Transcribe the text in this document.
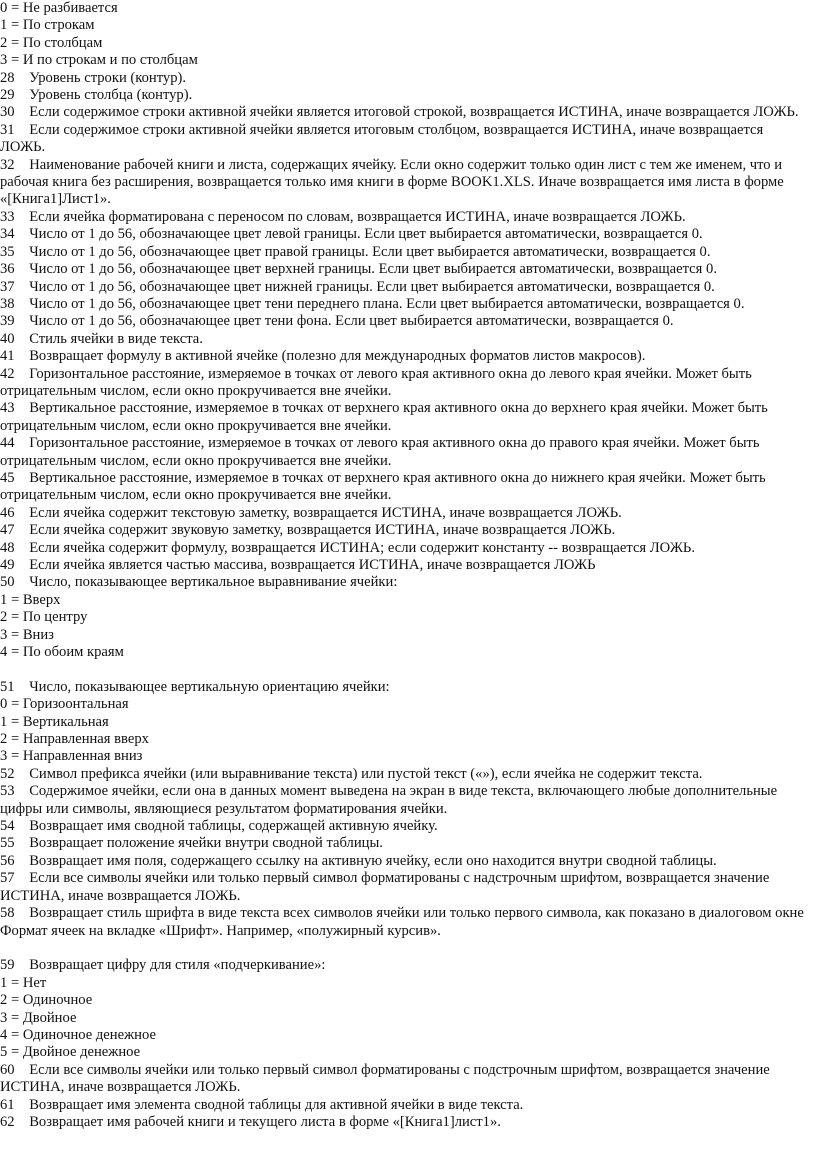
0 = Не разбивается

1 = По строкам

2 = По столбцам

3 = И по строкам и по столбцам

28    Уровень строки (контур).

29    Уровень столбца (контур).

30    Если содержимое строки активной ячейки является итоговой строкой, возвращается ИСТИНА, иначе возвращается ЛОЖЬ.

31    Если содержимое строки активной ячейки является итоговым столбцом, возвращается ИСТИНА, иначе возвращается ЛОЖЬ.

32    Наименование рабочей книги и листа, содержащих ячейку. Если окно содержит только один лист с тем же именем, что и рабочая книга без расширения, возвращается только имя книги в форме BOOK1.XLS. Иначе возвращается имя листа в форме «[Книга1]Лист1».

33    Если ячейка форматирована с переносом по словам, возвращается ИСТИНА, иначе возвращается ЛОЖЬ.

34    Число от 1 до 56, обозначающее цвет левой границы. Если цвет выбирается автоматически, возвращается 0.

35    Число от 1 до 56, обозначающее цвет правой границы. Если цвет выбирается автоматически, возвращается 0.

36    Число от 1 до 56, обозначающее цвет верхней границы. Если цвет выбирается автоматически, возвращается 0.

37    Число от 1 до 56, обозначающее цвет нижней границы. Если цвет выбирается автоматически, возвращается 0.

38    Число от 1 до 56, обозначающее цвет тени переднего плана. Если цвет выбирается автоматически, возвращается 0.

39    Число от 1 до 56, обозначающее цвет тени фона. Если цвет выбирается автоматически, возвращается 0.

40    Стиль ячейки в виде текста.

41    Возвращает формулу в активной ячейке (полезно для международных форматов листов макросов).

42    Горизонтальное расстояние, измеряемое в точках от левого края активного окна до левого края ячейки. Может быть отрицательным числом, если окно прокручивается вне ячейки.

43    Вертикальное расстояние, измеряемое в точках от верхнего края активного окна до верхнего края ячейки. Может быть отрицательным числом, если окно прокручивается вне ячейки.

44    Горизонтальное расстояние, измеряемое в точках от левого края активного окна до правого края ячейки. Может быть отрицательным числом, если окно прокручивается вне ячейки.

45    Вертикальное расстояние, измеряемое в точках от верхнего края активного окна до нижнего края ячейки. Может быть отрицательным числом, если окно прокручивается вне ячейки.

46    Если ячейка содержит текстовую заметку, возвращается ИСТИНА, иначе возвращается ЛОЖЬ.

47    Если ячейка содержит звуковую заметку, возвращается ИСТИНА, иначе возвращается ЛОЖЬ.

48    Если ячейка содержит формулу, возвращается ИСТИНА; если содержит константу -- возвращается ЛОЖЬ.

49    Если ячейка является частью массива, возвращается ИСТИНА, иначе возвращается ЛОЖЬ

50    Число, показывающее вертикальное выравнивание ячейки:

1 = Вверх

2 = По центру

3 = Вниз

4 = По обоим краям

51    Число, показывающее вертикальную ориентацию ячейки:

0 = Горизоонтальная

1 = Вертикальная

2 = Направленная вверх

3 = Направленная вниз

52    Символ префикса ячейки (или выравнивание текста) или пустой текст («»), если ячейка не содержит текста.

53    Содержимое ячейки, если она в данных момент выведена на экран в виде текста, включающего любые дополнительные цифры или символы, являющиеся результатом форматирования ячейки.

54    Возвращает имя сводной таблицы, содержащей активную ячейку.

55    Возвращает положение ячейки внутри сводной таблицы.

56    Возвращает имя поля, содержащего ссылку на активную ячейку, если оно находится внутри сводной таблицы.

57    Если все символы ячейки или только первый символ форматированы с надстрочным шрифтом, возвращается значение ИСТИНА, иначе возвращается ЛОЖЬ.

58    Возвращает стиль шрифта в виде текста всех символов ячейки или только первого символа, как показано в диалоговом окне Формат ячеек на вкладке «Шрифт». Например, «полужирный курсив».

59    Возвращает цифру для стиля «подчеркивание»:

1 = Нет

2 = Одиночное

3 = Двойное

4 = Одиночное денежное

5 = Двойное денежное

60    Если все символы ячейки или только первый символ форматированы с подстрочным шрифтом, возвращается значение ИСТИНА, иначе возвращается ЛОЖЬ.

61    Возвращает имя элемента сводной таблицы для активной ячейки в виде текста.

62    Возвращает имя рабочей книги и текущего листа в форме «[Книга1]лист1».
